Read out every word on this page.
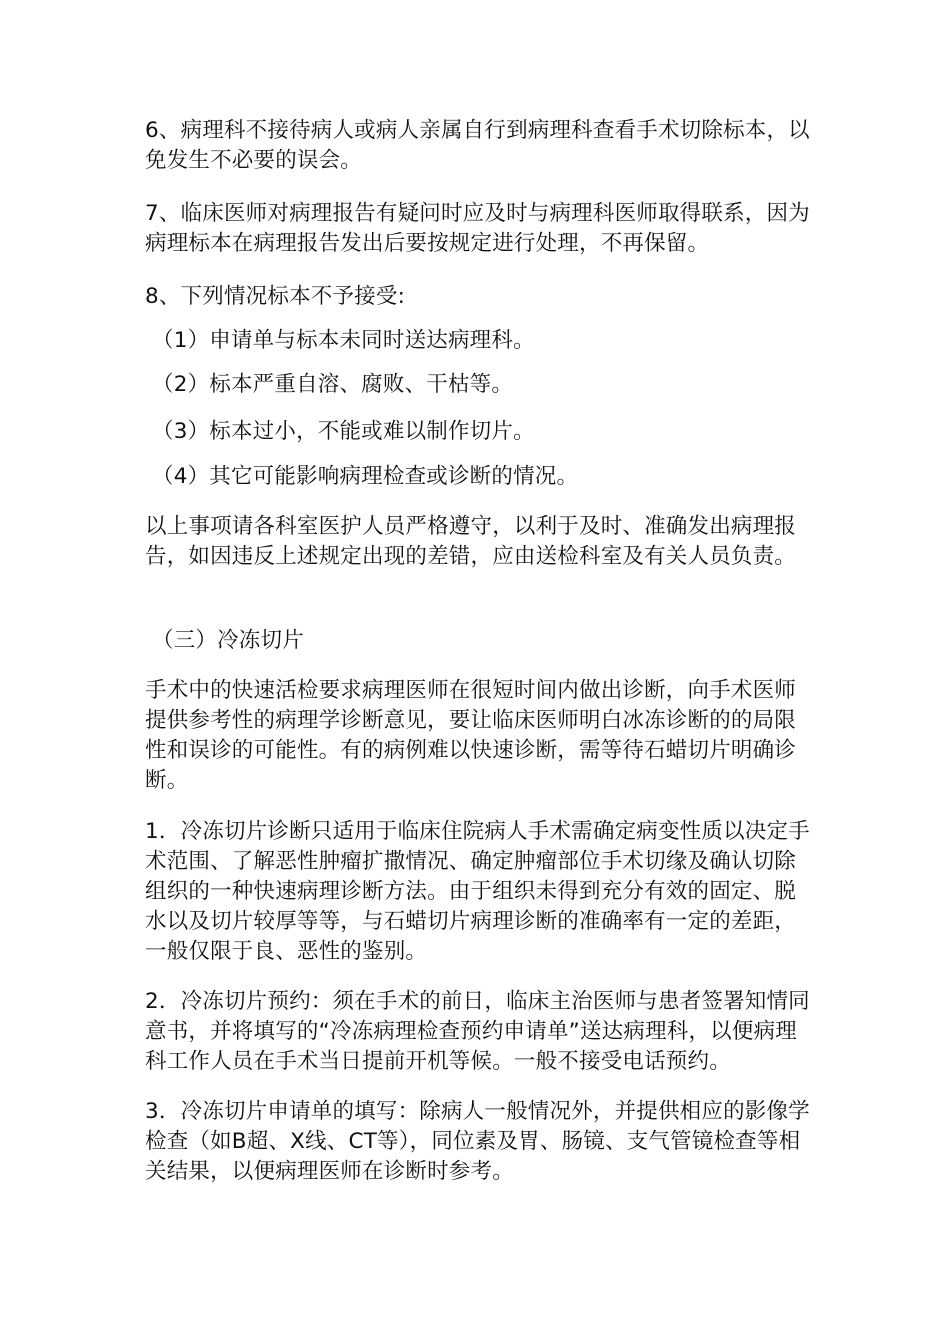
6、病理科不接待病人或病人亲属自行到病理科查看手术切除标本，以免发生不必要的误会。

7、临床医师对病理报告有疑问时应及时与病理科医师取得联系，因为病理标本在病理报告发出后要按规定进行处理，不再保留。

8、下列情况标本不予接受:

（1）申请单与标本未同时送达病理科。

（2）标本严重自溶、腐败、干枯等。

（3）标本过小，不能或难以制作切片。

（4）其它可能影响病理检查或诊断的情况。

以上事项请各科室医护人员严格遵守，以利于及时、准确发出病理报告，如因违反上述规定出现的差错，应由送检科室及有关人员负责。

（三）冷冻切片

手术中的快速活检要求病理医师在很短时间内做出诊断，向手术医师提供参考性的病理学诊断意见，要让临床医师明白冰冻诊断的的局限性和误诊的可能性。有的病例难以快速诊断，需等待石蜡切片明确诊断。

1．冷冻切片诊断只适用于临床住院病人手术需确定病变性质以决定手术范围、了解恶性肿瘤扩撒情况、确定肿瘤部位手术切缘及确认切除组织的一种快速病理诊断方法。由于组织未得到充分有效的固定、脱水以及切片较厚等等，与石蜡切片病理诊断的准确率有一定的差距，一般仅限于良、恶性的鉴别。

2．冷冻切片预约：须在手术的前日，临床主治医师与患者签署知情同意书，并将填写的“冷冻病理检查预约申请单”送达病理科，以便病理科工作人员在手术当日提前开机等候。一般不接受电话预约。

3．冷冻切片申请单的填写：除病人一般情况外，并提供相应的影像学检查（如B超、X线、CT等），同位素及胃、肠镜、支气管镜检查等相关结果，以便病理医师在诊断时参考。
